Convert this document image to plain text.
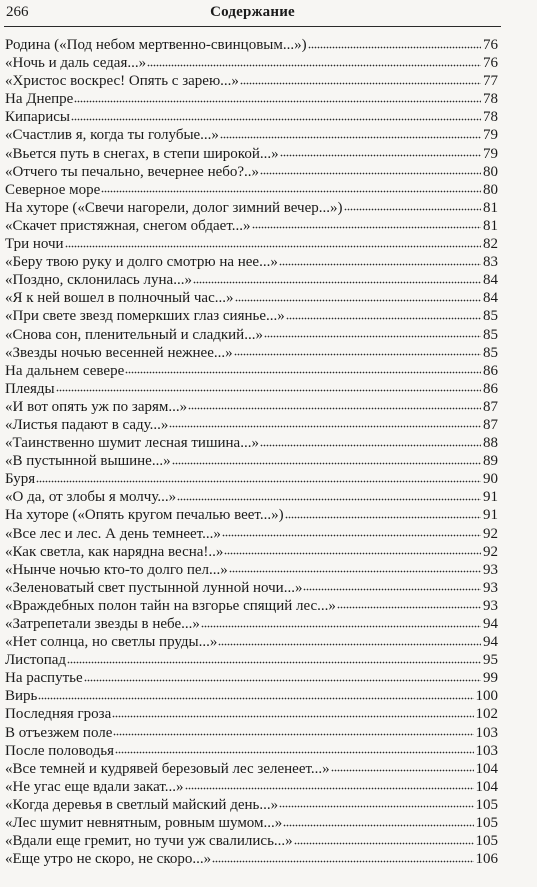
266	Содержание
Родина («Под небом мертвенно-свинцовым...»)	76
«Ночь и даль седая...»	76
«Христос воскрес! Опять с зарею...»	77
На Днепре	78
Кипарисы	78
«Счастлив я, когда ты голубые...»	79
«Вьется путь в снегах, в степи широкой...»	79
«Отчего ты печально, вечернее небо?..»	80
Северное море	80
На хуторе («Свечи нагорели, долог зимний вечер...»)	81
«Скачет пристяжная, снегом обдает...»	81
Три ночи	82
«Беру твою руку и долго смотрю на нее...»	83
«Поздно, склонилась луна...»	84
«Я к ней вошел в полночный час...»	84
«При свете звезд померкших глаз сиянье...»	85
«Снова сон, пленительный и сладкий...»	85
«Звезды ночью весенней нежнее...»	85
На дальнем севере	86
Плеяды	86
«И вот опять уж по зарям...»	87
«Листья падают в саду...»	87
«Таинственно шумит лесная тишина...»	88
«В пустынной вышине...»	89
Буря	90
«О да, от злобы я молчу...»	91
На хуторе («Опять кругом печалью веет...»)	91
«Все лес и лес. А день темнеет...»	92
«Как светла, как нарядна весна!..»	92
«Нынче ночью кто-то долго пел...»	93
«Зеленоватый свет пустынной лунной ночи...»	93
«Враждебных полон тайн на взгорье спящий лес...»	93
«Затрепетали звезды в небе...»	94
«Нет солнца, но светлы пруды...»	94
Листопад	95
На распутье	99
Вирь	100
Последняя гроза	102
В отъезжем поле	103
После половодья	103
«Все темней и кудрявей березовый лес зеленеет...»	104
«Не угас еще вдали закат...»	104
«Когда деревья в светлый майский день...»	105
«Лес шумит невнятным, ровным шумом...»	105
«Вдали еще гремит, но тучи уж свалились...»	105
«Еще утро не скоро, не скоро...»	106
